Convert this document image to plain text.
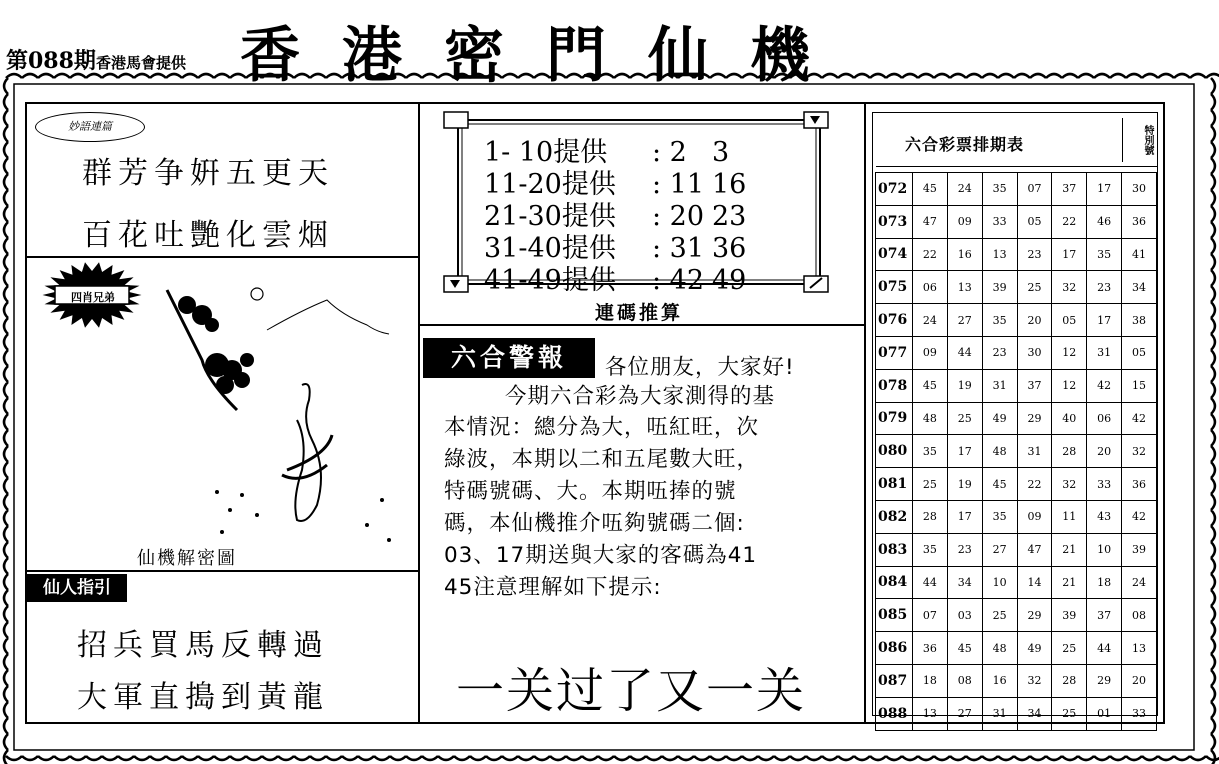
第088期香港馬會提供 香港密門仙機
妙語連篇
群芳争姸五更天
百花吐艷化雲烟
四肖兄弟
仙機解密圖
仙人指引
招兵買馬反轉過
大軍直搗到黃龍
1- 10提供 : 2 3
11-20提供 : 11 16
21-30提供 : 20 23
31-40提供 : 31 36
41-49提供 : 42 49
連碼推算
六合警報	各位朋友，大家好!
今期六合彩為大家測得的基
本情況：總分為大，㕶紅旺，次
綠波，本期以二和五尾數大旺，
特碼號碼、大。本期㕶捧的號
碼，本仙機推介㕶夠號碼二個:
03、17期送與大家的客碼為41
45注意理解如下提示:
一关过了又一关
六合彩票排期表	特別號
072	45	24	35	07	37	17	30
073	47	09	33	05	22	46	36
074	22	16	13	23	17	35	41
075	06	13	39	25	32	23	34
076	24	27	35	20	05	17	38
077	09	44	23	30	12	31	05
078	45	19	31	37	12	42	15
079	48	25	49	29	40	06	42
080	35	17	48	31	28	20	32
081	25	19	45	22	32	33	36
082	28	17	35	09	11	43	42
083	35	23	27	47	21	10	39
084	44	34	10	14	21	18	24
085	07	03	25	29	39	37	08
086	36	45	48	49	25	44	13
087	18	08	16	32	28	29	20
088	13	27	31	34	25	01	33
